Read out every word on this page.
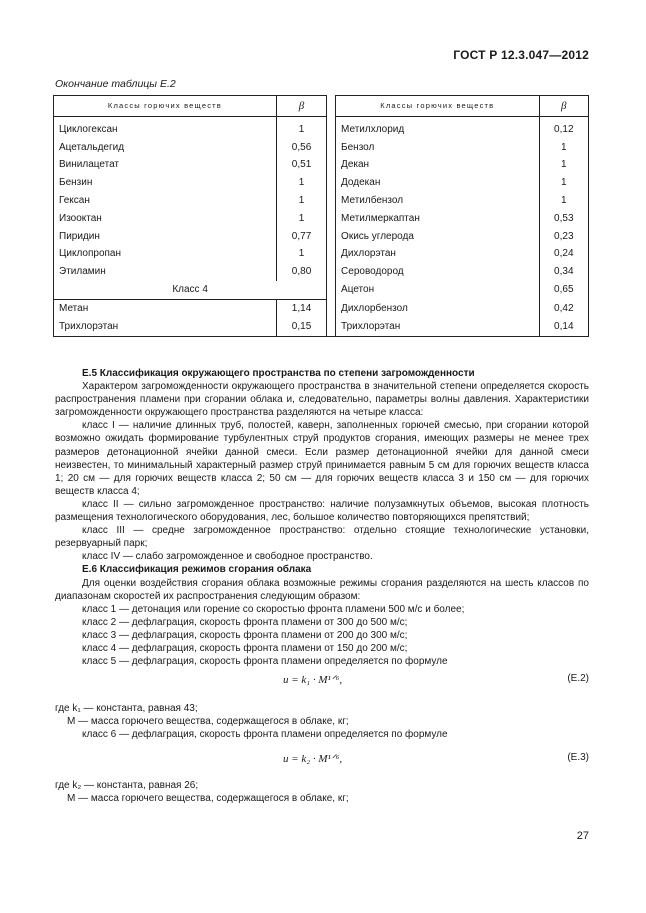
ГОСТ Р 12.3.047—2012
Окончание таблицы Е.2
Классы горючих веществ	β		Классы горючих веществ	β
Циклогексан	1		Метилхлорид	0,12
Ацетальдегид	0,56		Бензол	1
Винилацетат	0,51		Декан	1
Бензин	1		Додекан	1
Гексан	1		Метилбензол	1
Изооктан	1		Метилмеркаптан	0,53
Пиридин	0,77		Окись углерода	0,23
Циклопропан	1		Дихлорэтан	0,24
Этиламин	0,80		Сероводород	0,34
Класс 4			Ацетон	0,65
Метан	1,14		Дихлорбензол	0,42
Трихлорэтан	0,15		Трихлорэтан	0,14

Е.5 Классификация окружающего пространства по степени загроможденности

Характером загроможденности окружающего пространства в значительной степени определяется скорость распространения пламени при сгорании облака и, следовательно, параметры волны давления. Характеристики загроможденности окружающего пространства разделяются на четыре класса:

класс I — наличие длинных труб, полостей, каверн, заполненных горючей смесью, при сгорании которой возможно ожидать формирование турбулентных струй продуктов сгорания, имеющих размеры не менее трех размеров детонационной ячейки данной смеси. Если размер детонационной ячейки для данной смеси неизвестен, то минимальный характерный размер струй принимается равным 5 см для горючих веществ класса 1; 20 см — для горючих веществ класса 2; 50 см — для горючих веществ класса 3 и 150 см — для горючих веществ класса 4;

класс II — сильно загроможденное пространство: наличие полузамкнутых объемов, высокая плотность размещения технологического оборудования, лес, большое количество повторяющихся препятствий;

класс III — средне загроможденное пространство: отдельно стоящие технологические установки, резервуарный парк;

класс IV — слабо загроможденное и свободное пространство.

Е.6 Классификация режимов сгорания облака

Для оценки воздействия сгорания облака возможные режимы сгорания разделяются на шесть классов по диапазонам скоростей их распространения следующим образом:

класс 1 — детонация или горение со скоростью фронта пламени 500 м/с и более;

класс 2 — дефлаграция, скорость фронта пламени от 300 до 500 м/с;

класс 3 — дефлаграция, скорость фронта пламени от 200 до 300 м/с;

класс 4 — дефлаграция, скорость фронта пламени от 150 до 200 м/с;

класс 5 — дефлаграция, скорость фронта пламени определяется по формуле

u = k₁ · M¹ᐟ⁶,	(Е.2)

где k₁ — константа, равная 43;

M — масса горючего вещества, содержащегося в облаке, кг;

класс 6 — дефлаграция, скорость фронта пламени определяется по формуле

u = k₂ · M¹ᐟ⁶,	(Е.3)

где k₂ — константа, равная 26;

M — масса горючего вещества, содержащегося в облаке, кг;

27
